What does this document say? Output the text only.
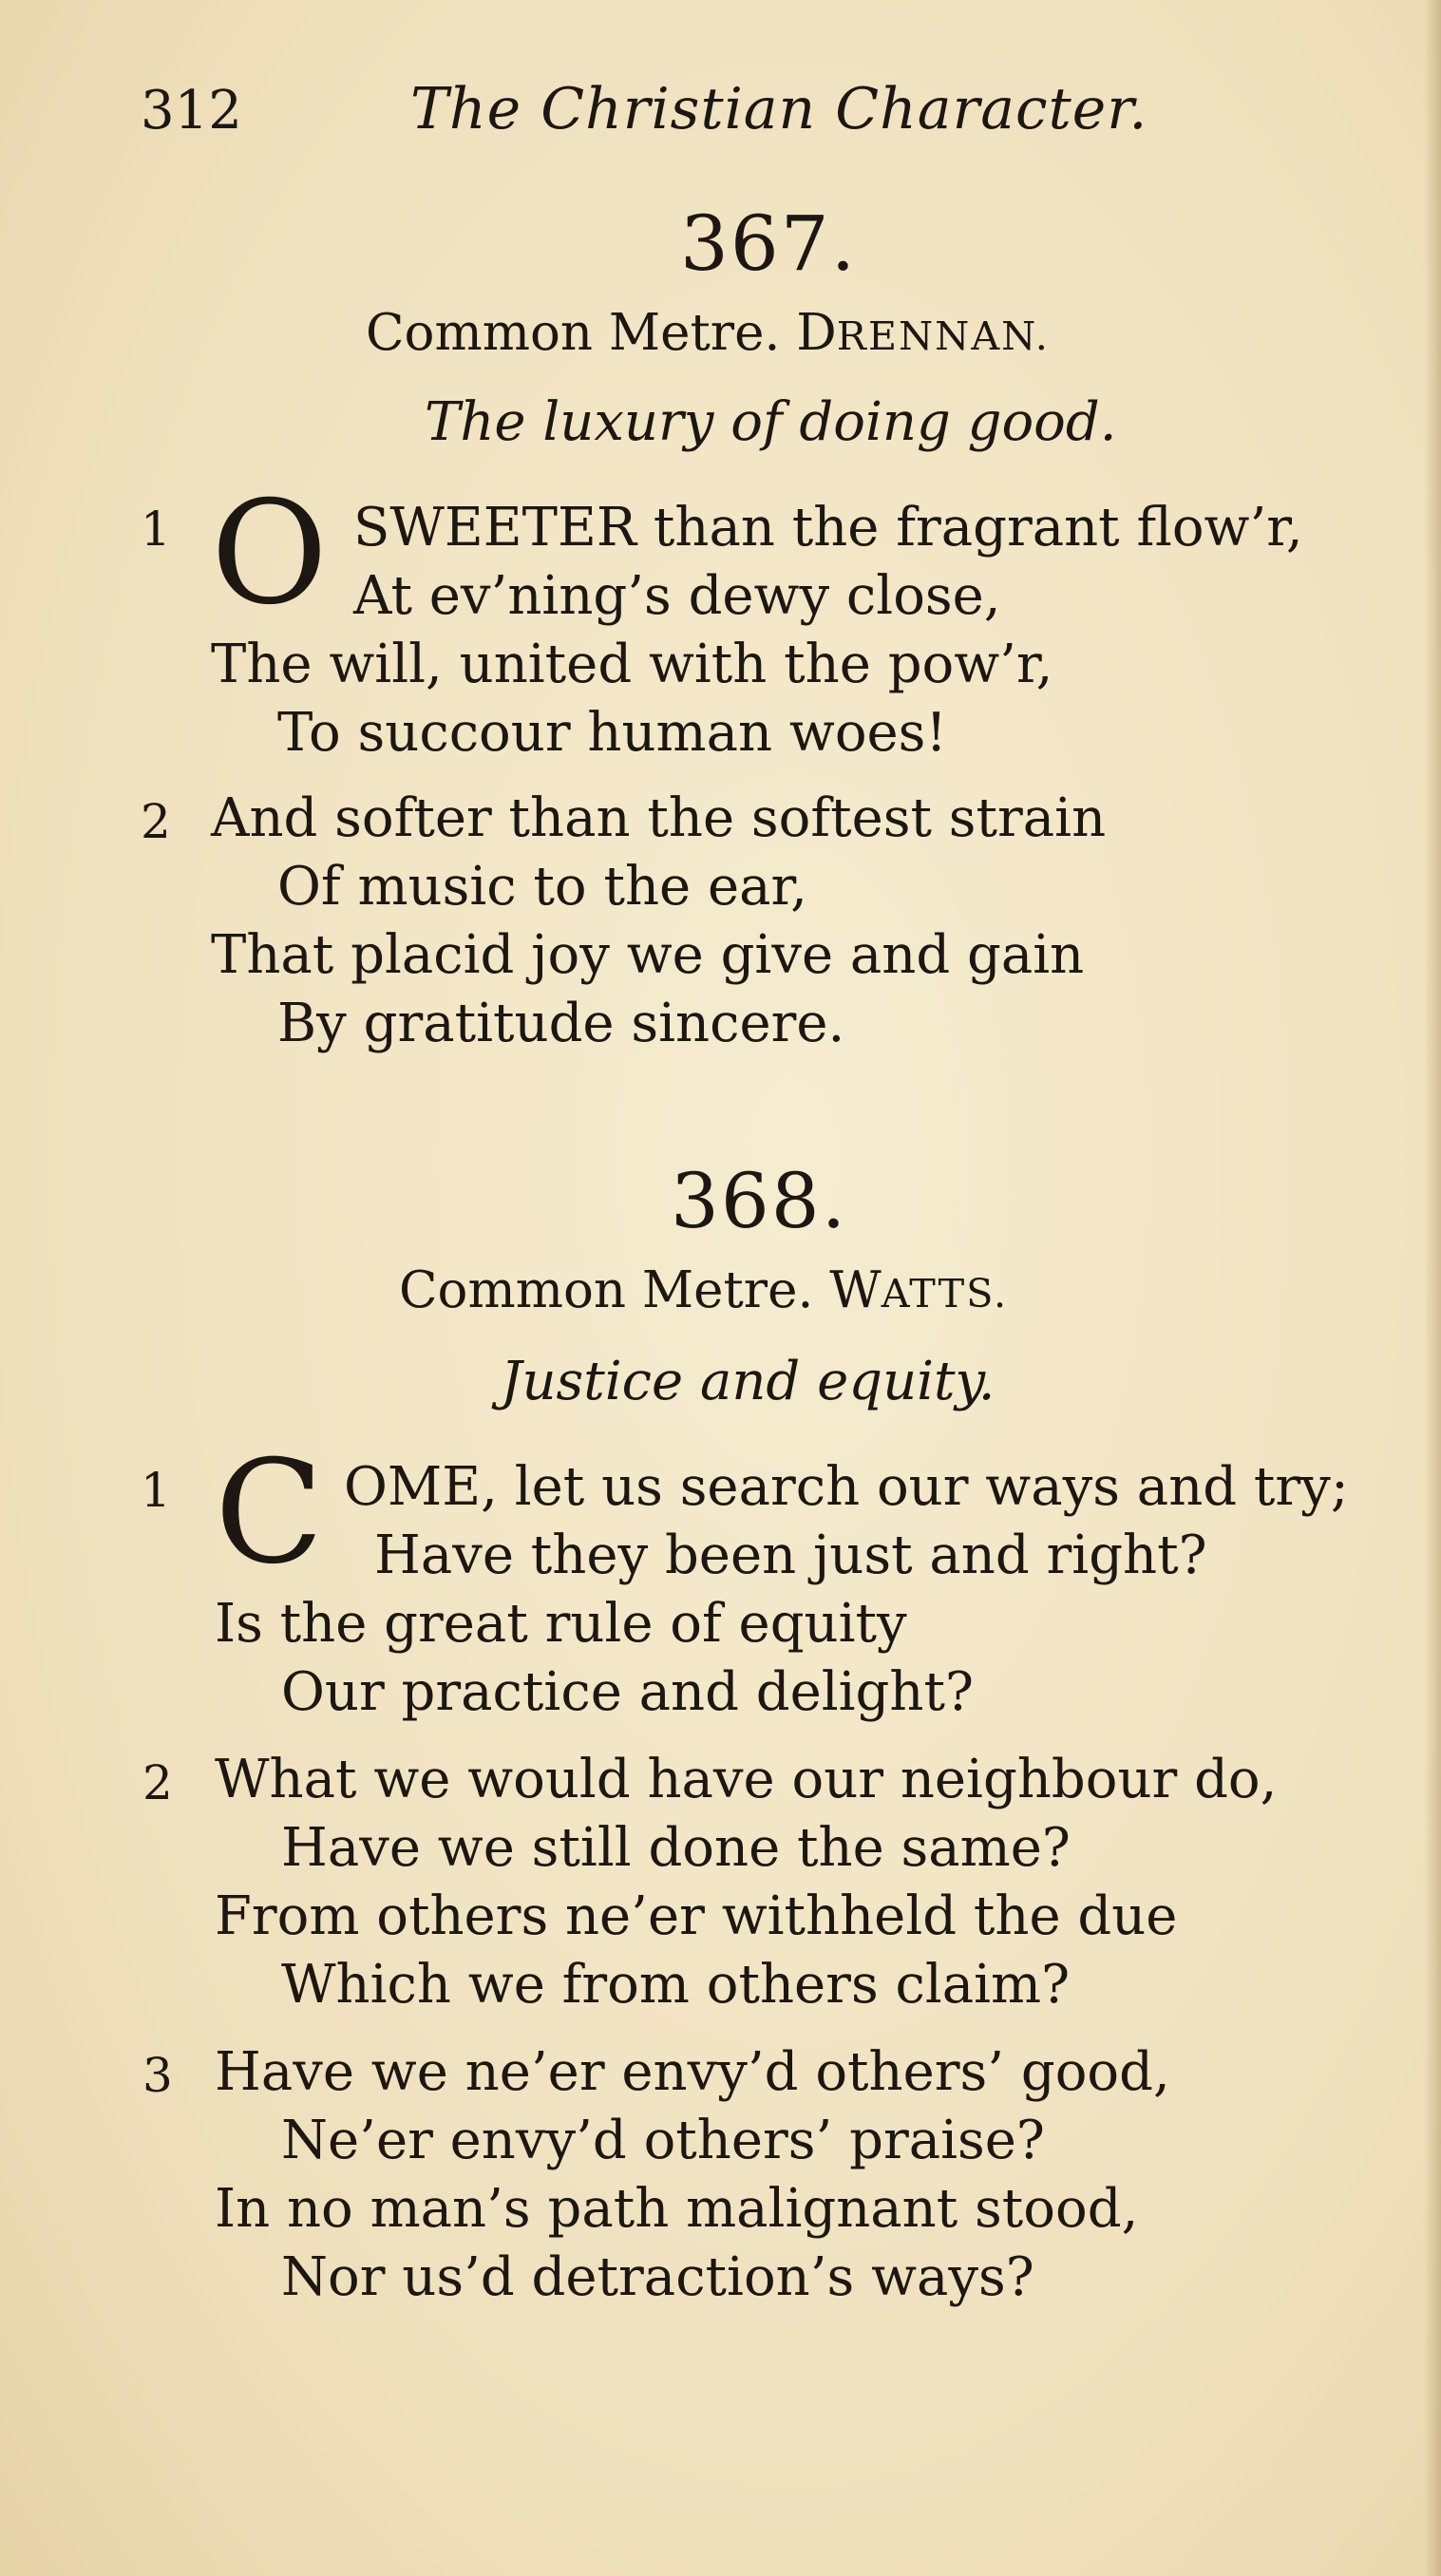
312	The Christian Character.
367.
Common Metre. DRENNAN.
The luxury of doing good.
1 O SWEETER than the fragrant flow’r,
At ev’ning’s dewy close,
The will, united with the pow’r,
To succour human woes!
2 And softer than the softest strain
Of music to the ear,
That placid joy we give and gain
By gratitude sincere.
368.
Common Metre. WATTS.
Justice and equity.
1 C OME, let us search our ways and try;
Have they been just and right?
Is the great rule of equity
Our practice and delight?
2 What we would have our neighbour do,
Have we still done the same?
From others ne’er withheld the due
Which we from others claim?
3 Have we ne’er envy’d others’ good,
Ne’er envy’d others’ praise?
In no man’s path malignant stood,
Nor us’d detraction’s ways?
